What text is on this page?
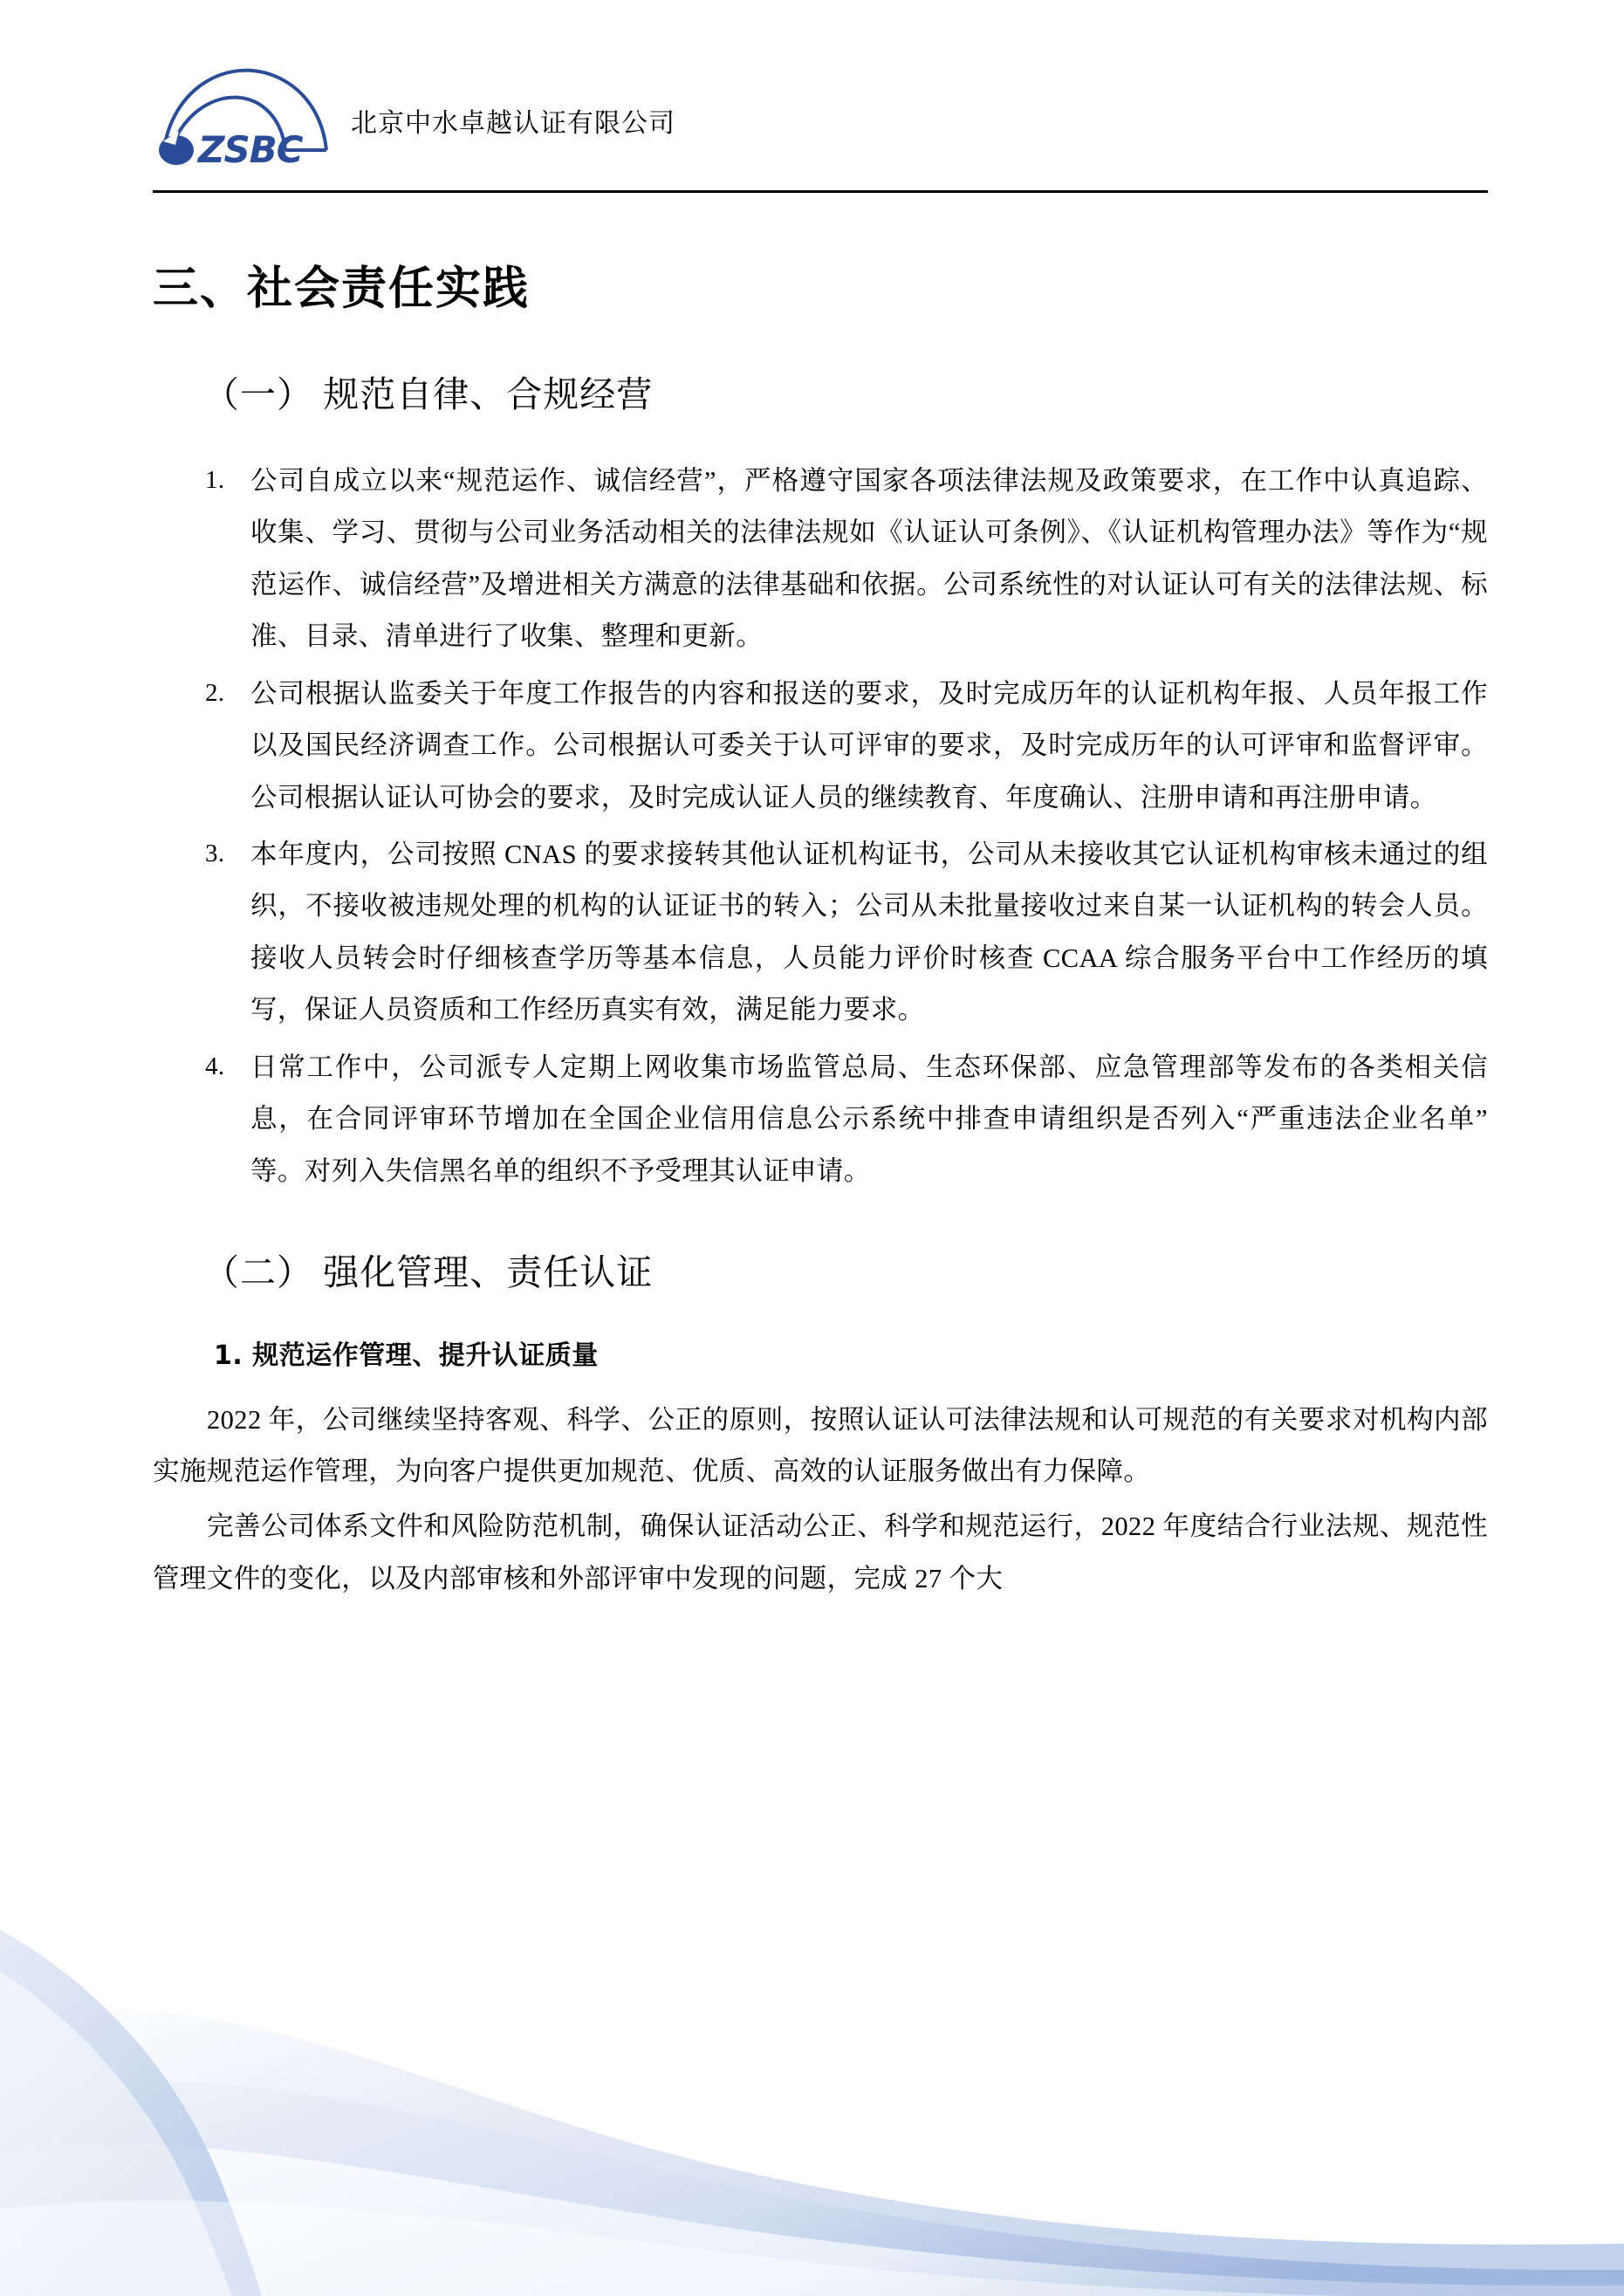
ZSBC
北京中水卓越认证有限公司
三、社会责任实践
（一） 规范自律、合规经营
1. 公司自成立以来“规范运作、诚信经营”，严格遵守国家各项法律法规及政策要求，在工作中认真追踪、收集、学习、贯彻与公司业务活动相关的法律法规如《认证认可条例》、《认证机构管理办法》等作为“规范运作、诚信经营”及增进相关方满意的法律基础和依据。公司系统性的对认证认可有关的法律法规、标准、目录、清单进行了收集、整理和更新。
2. 公司根据认监委关于年度工作报告的内容和报送的要求，及时完成历年的认证机构年报、人员年报工作以及国民经济调查工作。公司根据认可委关于认可评审的要求，及时完成历年的认可评审和监督评审。公司根据认证认可协会的要求，及时完成认证人员的继续教育、年度确认、注册申请和再注册申请。
3. 本年度内，公司按照 CNAS 的要求接转其他认证机构证书，公司从未接收其它认证机构审核未通过的组织，不接收被违规处理的机构的认证证书的转入；公司从未批量接收过来自某一认证机构的转会人员。接收人员转会时仔细核查学历等基本信息，人员能力评价时核查 CCAA 综合服务平台中工作经历的填写，保证人员资质和工作经历真实有效，满足能力要求。
4. 日常工作中，公司派专人定期上网收集市场监管总局、生态环保部、应急管理部等发布的各类相关信息，在合同评审环节增加在全国企业信用信息公示系统中排查申请组织是否列入“严重违法企业名单”等。对列入失信黑名单的组织不予受理其认证申请。
（二） 强化管理、责任认证
1. 规范运作管理、提升认证质量

2022 年，公司继续坚持客观、科学、公正的原则，按照认证认可法律法规和认可规范的有关要求对机构内部实施规范运作管理，为向客户提供更加规范、优质、高效的认证服务做出有力保障。

完善公司体系文件和风险防范机制，确保认证活动公正、科学和规范运行，2022 年度结合行业法规、规范性管理文件的变化，以及内部审核和外部评审中发现的问题，完成 27 个大
